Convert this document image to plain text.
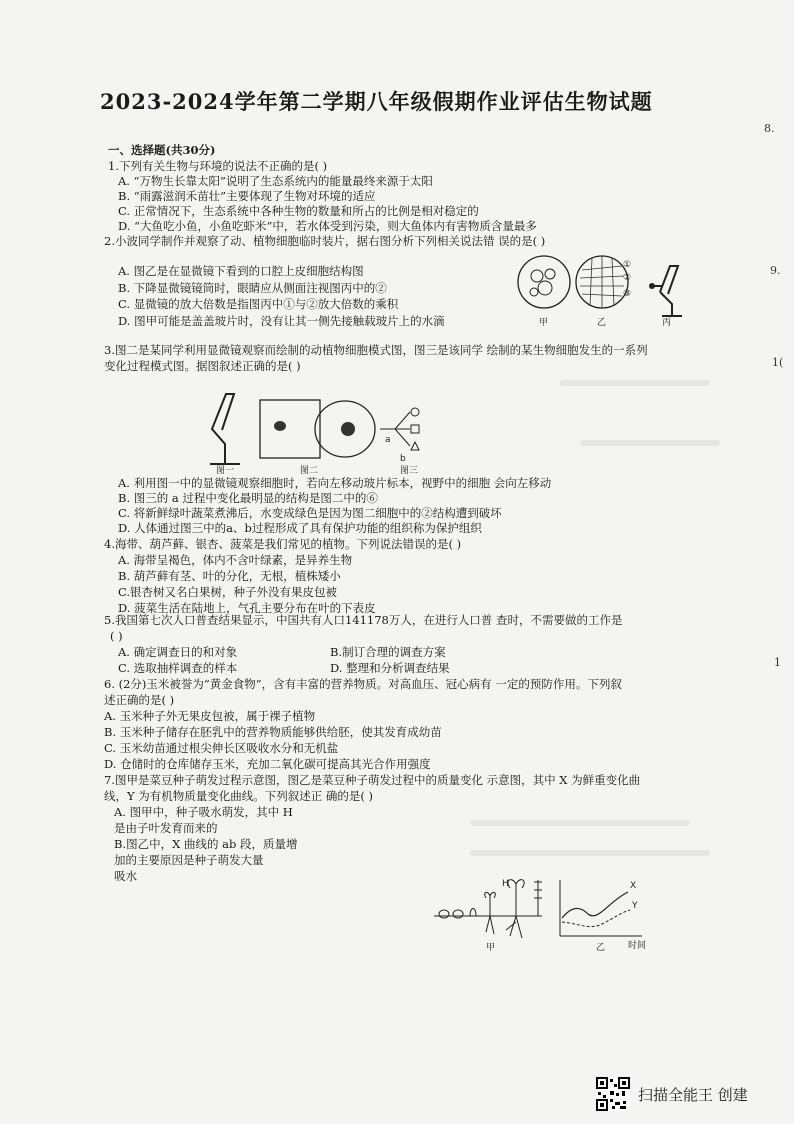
2023-2024学年第二学期八年级假期作业评估生物试题
一、选择题(共30分)
1.下列有关生物与环境的说法不正确的是( )
A. “万物生长靠太阳”说明了生态系统内的能量最终来源于太阳
B. “雨露滋润禾苗壮”主要体现了生物对环境的适应
C. 正常情况下，生态系统中各种生物的数量和所占的比例是相对稳定的
D. “大鱼吃小鱼，小鱼吃虾米”中，若水体受到污染，则大鱼体内有害物质含量最多
2.小波同学制作并观察了动、植物细胞临时装片，据右图分析下列相关说法错 误的是( )
A. 图乙是在显微镜下看到的口腔上皮细胞结构图
B. 下降显微镜镜筒时，眼睛应从侧面注视图丙中的②
C. 显微镜的放大倍数是指图丙中①与②放大倍数的乘积
D. 图甲可能是盖盖玻片时，没有让其一侧先接触载玻片上的水滴
①
②
③
甲	乙	丙
3.图二是某同学利用显微镜观察而绘制的动植物细胞模式图，图三是该同学 绘制的某生物细胞发生的一系列
变化过程模式图。据图叙述正确的是( )
a
b
图一	图二	图三
A. 利用图一中的显微镜观察细胞时，若向左移动玻片标本，视野中的细胞 会向左移动
B. 图三的 a 过程中变化最明显的结构是图二中的⑥
C. 将新鲜绿叶蔬菜煮沸后，水变成绿色是因为图二细胞中的②结构遭到破坏
D. 人体通过图三中的a、b过程形成了具有保护功能的组织称为保护组织
4.海带、葫芦藓、银杏、菠菜是我们常见的植物。下列说法错误的是( )
A. 海带呈褐色，体内不含叶绿素，是异养生物
B. 葫芦藓有茎、叶的分化，无根，植株矮小
C.银杏树又名白果树，种子外没有果皮包被
D. 菠菜生活在陆地上，气孔主要分布在叶的下表皮
5.我国第七次人口普查结果显示，中国共有人口141178万人，在进行人口普 查时，不需要做的工作是
( )
A. 确定调查日的和对象	B.制订合理的调查方案
C. 选取抽样调查的样本	D. 整理和分析调查结果
6. (2分)玉米被誉为“黄金食物”，含有丰富的营养物质。对高血压、冠心病有 一定的预防作用。下列叙
述正确的是( )
A. 玉米种子外无果皮包被，属于裸子植物
B. 玉米种子储存在胚乳中的营养物质能够供给胚，使其发育成幼苗
C. 玉米幼苗通过根尖伸长区吸收水分和无机盐
D. 仓储时的仓库储存玉米，充加二氧化碳可提高其光合作用强度
7.图甲是菜豆种子萌发过程示意图，图乙是菜豆种子萌发过程中的质量变化 示意图，其中 X 为鲜重变化曲
线，Y 为有机物质量变化曲线。下列叙述正 确的是( )
A. 图甲中，种子吸水萌发，其中 H
是由子叶发育而来的
B.图乙中，X 曲线的 ab 段，质量增
加的主要原因是种子萌发大量
吸水
H
甲
X
Y
时间
乙
8.
9.
1(
1
扫描全能王 创建
